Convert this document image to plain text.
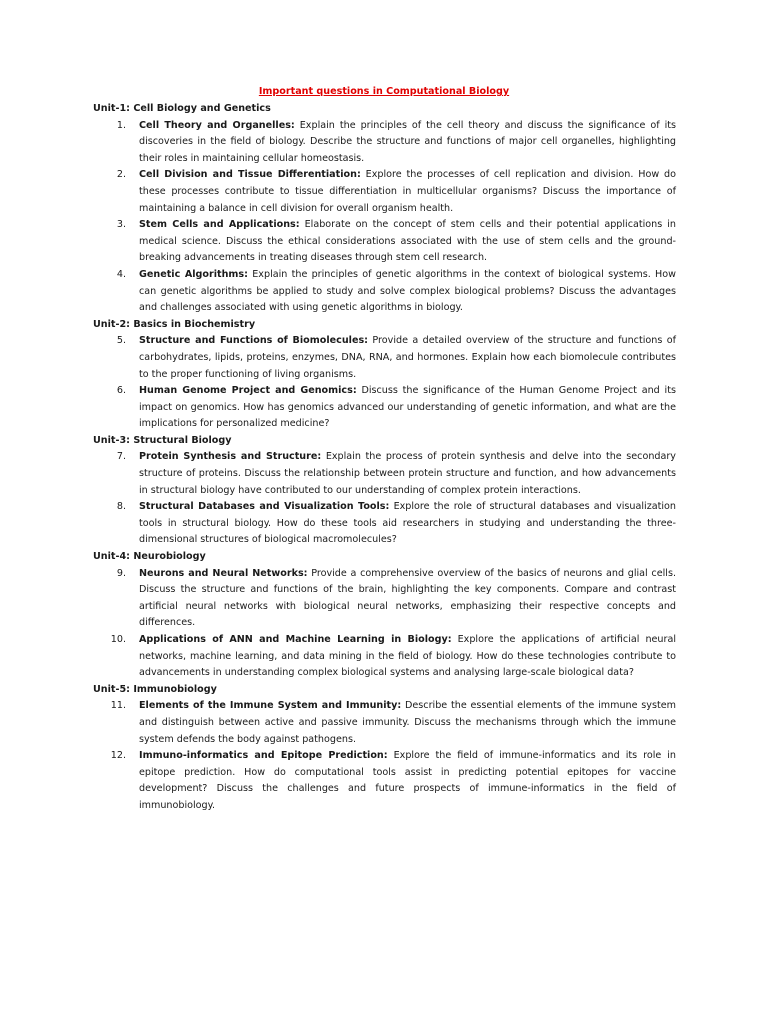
Important questions in Computational Biology
Unit-1: Cell Biology and Genetics
1. Cell Theory and Organelles: Explain the principles of the cell theory and discuss the significance of its discoveries in the field of biology. Describe the structure and functions of major cell organelles, highlighting their roles in maintaining cellular homeostasis.
2. Cell Division and Tissue Differentiation: Explore the processes of cell replication and division. How do these processes contribute to tissue differentiation in multicellular organisms? Discuss the importance of maintaining a balance in cell division for overall organism health.
3. Stem Cells and Applications: Elaborate on the concept of stem cells and their potential applications in medical science. Discuss the ethical considerations associated with the use of stem cells and the ground-breaking advancements in treating diseases through stem cell research.
4. Genetic Algorithms: Explain the principles of genetic algorithms in the context of biological systems. How can genetic algorithms be applied to study and solve complex biological problems? Discuss the advantages and challenges associated with using genetic algorithms in biology.
Unit-2: Basics in Biochemistry
5. Structure and Functions of Biomolecules: Provide a detailed overview of the structure and functions of carbohydrates, lipids, proteins, enzymes, DNA, RNA, and hormones. Explain how each biomolecule contributes to the proper functioning of living organisms.
6. Human Genome Project and Genomics: Discuss the significance of the Human Genome Project and its impact on genomics. How has genomics advanced our understanding of genetic information, and what are the implications for personalized medicine?
Unit-3: Structural Biology
7. Protein Synthesis and Structure: Explain the process of protein synthesis and delve into the secondary structure of proteins. Discuss the relationship between protein structure and function, and how advancements in structural biology have contributed to our understanding of complex protein interactions.
8. Structural Databases and Visualization Tools: Explore the role of structural databases and visualization tools in structural biology. How do these tools aid researchers in studying and understanding the three-dimensional structures of biological macromolecules?
Unit-4: Neurobiology
9. Neurons and Neural Networks: Provide a comprehensive overview of the basics of neurons and glial cells. Discuss the structure and functions of the brain, highlighting the key components. Compare and contrast artificial neural networks with biological neural networks, emphasizing their respective concepts and differences.
10. Applications of ANN and Machine Learning in Biology: Explore the applications of artificial neural networks, machine learning, and data mining in the field of biology. How do these technologies contribute to advancements in understanding complex biological systems and analysing large-scale biological data?
Unit-5: Immunobiology
11. Elements of the Immune System and Immunity: Describe the essential elements of the immune system and distinguish between active and passive immunity. Discuss the mechanisms through which the immune system defends the body against pathogens.
12. Immuno-informatics and Epitope Prediction: Explore the field of immune-informatics and its role in epitope prediction. How do computational tools assist in predicting potential epitopes for vaccine development? Discuss the challenges and future prospects of immune-informatics in the field of immunobiology.
